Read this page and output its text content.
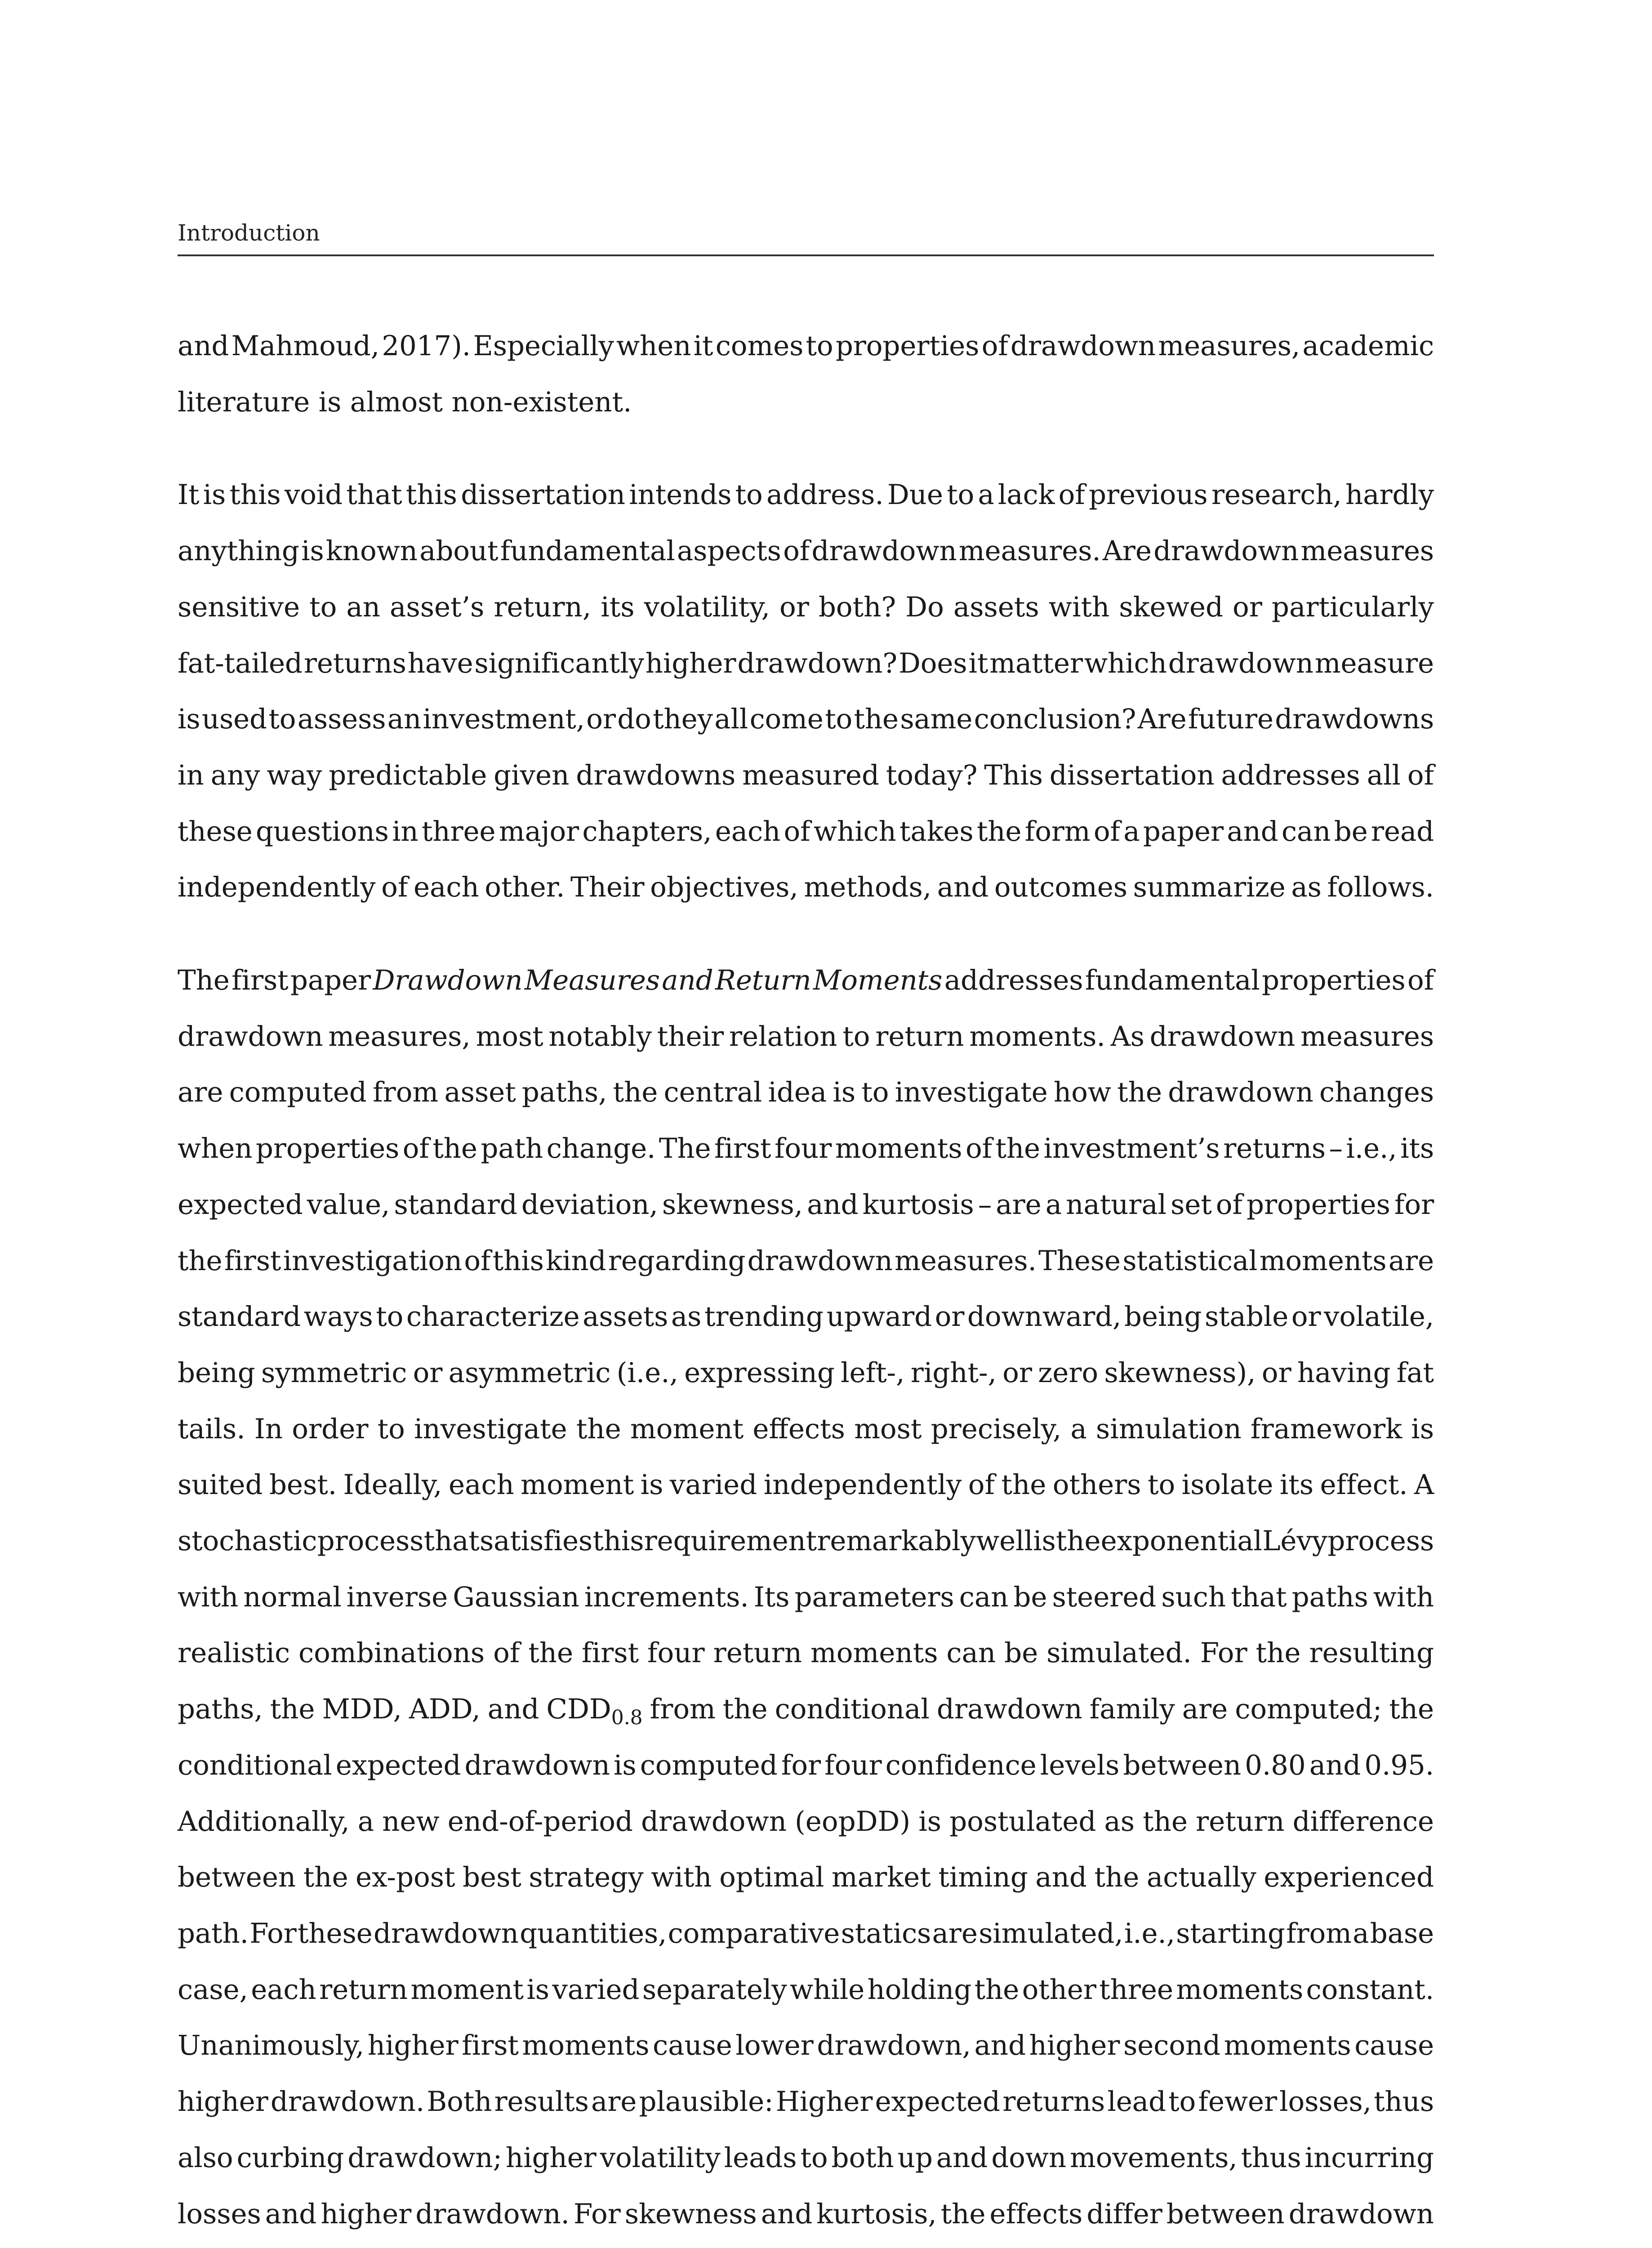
Introduction

and Mahmoud, 2017). Especially when it comes to properties of drawdown measures, academic
literature is almost non-existent.

It is this void that this dissertation intends to address. Due to a lack of previous research, hardly
anything is known about fundamental aspects of drawdown measures. Are drawdown measures
sensitive to an asset’s return, its volatility, or both? Do assets with skewed or particularly
fat-tailed returns have significantly higher drawdown? Does it matter which drawdown measure
is used to assess an investment, or do they all come to the same conclusion? Are future drawdowns
in any way predictable given drawdowns measured today? This dissertation addresses all of
these questions in three major chapters, each of which takes the form of a paper and can be read
independently of each other. Their objectives, methods, and outcomes summarize as follows.

The first paper Drawdown Measures and Return Moments addresses fundamental properties of
drawdown measures, most notably their relation to return moments. As drawdown measures
are computed from asset paths, the central idea is to investigate how the drawdown changes
when properties of the path change. The first four moments of the investment’s returns – i.e., its
expected value, standard deviation, skewness, and kurtosis – are a natural set of properties for
the first investigation of this kind regarding drawdown measures. These statistical moments are
standard ways to characterize assets as trending upward or downward, being stable or volatile,
being symmetric or asymmetric (i.e., expressing left-, right-, or zero skewness), or having fat
tails. In order to investigate the moment effects most precisely, a simulation framework is
suited best. Ideally, each moment is varied independently of the others to isolate its effect. A
stochastic process that satisfies this requirement remarkably well is the exponential Lévy process
with normal inverse Gaussian increments. Its parameters can be steered such that paths with
realistic combinations of the first four return moments can be simulated. For the resulting
paths, the MDD, ADD, and $CDD_{0.8}$ from the conditional drawdown family are computed; the
conditional expected drawdown is computed for four confidence levels between 0.80 and 0.95.
Additionally, a new end-of-period drawdown (eopDD) is postulated as the return difference
between the ex-post best strategy with optimal market timing and the actually experienced
path. For these drawdown quantities, comparative statics are simulated, i.e., starting from a base
case, each return moment is varied separately while holding the other three moments constant.
Unanimously, higher first moments cause lower drawdown, and higher second moments cause
higher drawdown. Both results are plausible: Higher expected returns lead to fewer losses, thus
also curbing drawdown; higher volatility leads to both up and down movements, thus incurring
losses and higher drawdown. For skewness and kurtosis, the effects differ between drawdown
